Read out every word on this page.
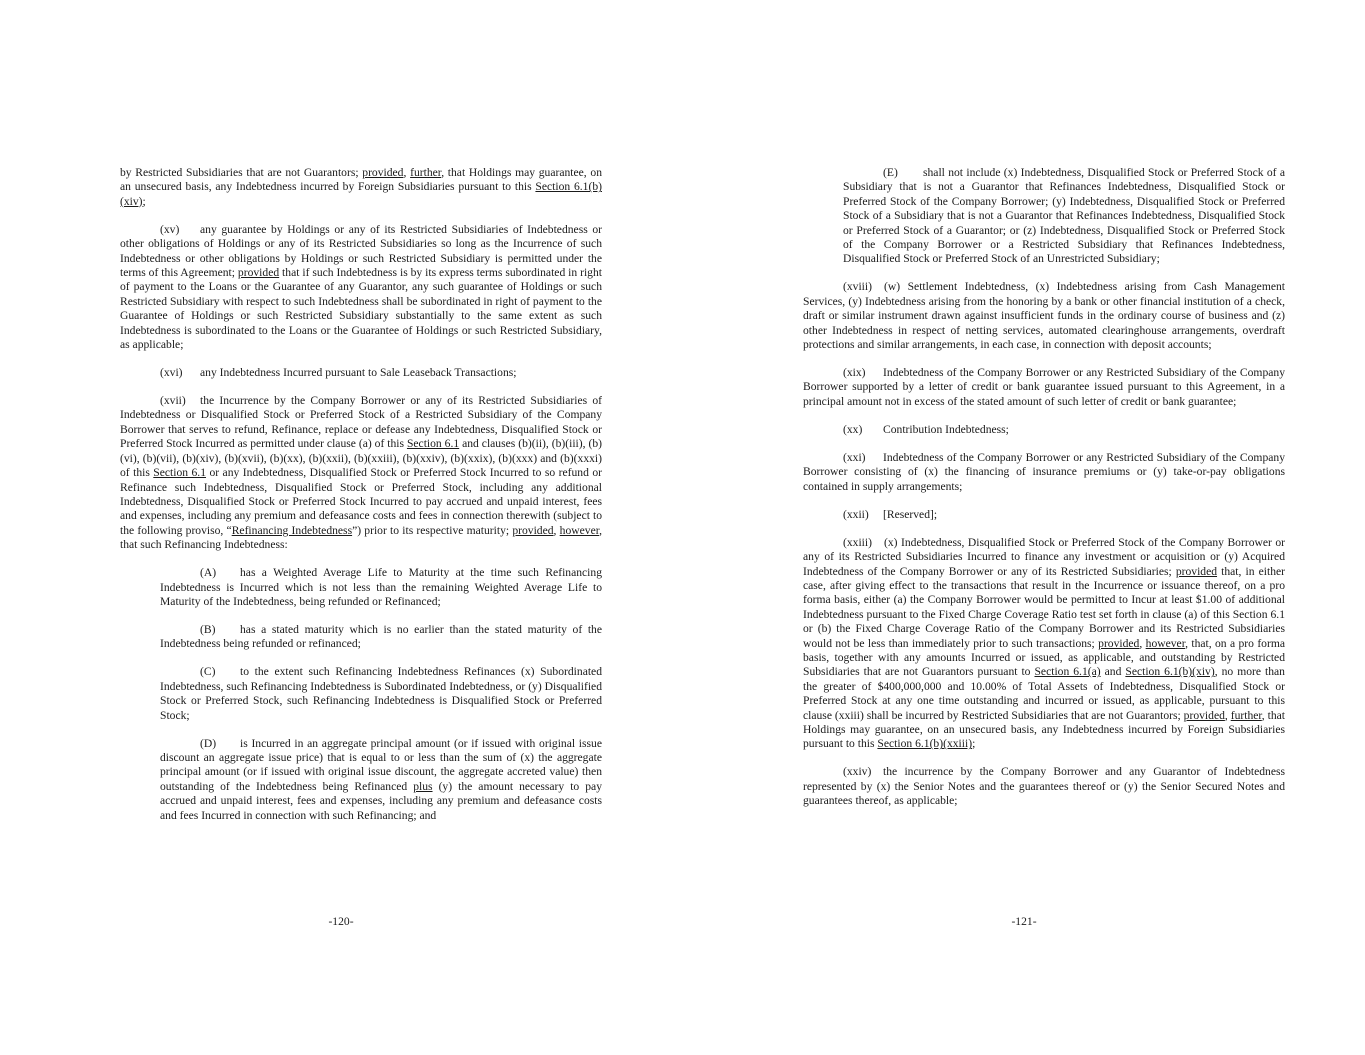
by Restricted Subsidiaries that are not Guarantors; provided, further, that Holdings may guarantee, on an unsecured basis, any Indebtedness incurred by Foreign Subsidiaries pursuant to this Section 6.1(b)(xiv);

(xv) any guarantee by Holdings or any of its Restricted Subsidiaries of Indebtedness or other obligations of Holdings or any of its Restricted Subsidiaries so long as the Incurrence of such Indebtedness or other obligations by Holdings or such Restricted Subsidiary is permitted under the terms of this Agreement; provided that if such Indebtedness is by its express terms subordinated in right of payment to the Loans or the Guarantee of any Guarantor, any such guarantee of Holdings or such Restricted Subsidiary with respect to such Indebtedness shall be subordinated in right of payment to the Guarantee of Holdings or such Restricted Subsidiary substantially to the same extent as such Indebtedness is subordinated to the Loans or the Guarantee of Holdings or such Restricted Subsidiary, as applicable;

(xvi) any Indebtedness Incurred pursuant to Sale Leaseback Transactions;

(xvii) the Incurrence by the Company Borrower or any of its Restricted Subsidiaries of Indebtedness or Disqualified Stock or Preferred Stock of a Restricted Subsidiary of the Company Borrower that serves to refund, Refinance, replace or defease any Indebtedness, Disqualified Stock or Preferred Stock Incurred as permitted under clause (a) of this Section 6.1 and clauses (b)(ii), (b)(iii), (b)(vi), (b)(vii), (b)(xiv), (b)(xvii), (b)(xx), (b)(xxii), (b)(xxiii), (b)(xxiv), (b)(xxix), (b)(xxx) and (b)(xxxi) of this Section 6.1 or any Indebtedness, Disqualified Stock or Preferred Stock Incurred to so refund or Refinance such Indebtedness, Disqualified Stock or Preferred Stock, including any additional Indebtedness, Disqualified Stock or Preferred Stock Incurred to pay accrued and unpaid interest, fees and expenses, including any premium and defeasance costs and fees in connection therewith (subject to the following proviso, “Refinancing Indebtedness”) prior to its respective maturity; provided, however, that such Refinancing Indebtedness:

(A) has a Weighted Average Life to Maturity at the time such Refinancing Indebtedness is Incurred which is not less than the remaining Weighted Average Life to Maturity of the Indebtedness, being refunded or Refinanced;

(B) has a stated maturity which is no earlier than the stated maturity of the Indebtedness being refunded or refinanced;

(C) to the extent such Refinancing Indebtedness Refinances (x) Subordinated Indebtedness, such Refinancing Indebtedness is Subordinated Indebtedness, or (y) Disqualified Stock or Preferred Stock, such Refinancing Indebtedness is Disqualified Stock or Preferred Stock;

(D) is Incurred in an aggregate principal amount (or if issued with original issue discount an aggregate issue price) that is equal to or less than the sum of (x) the aggregate principal amount (or if issued with original issue discount, the aggregate accreted value) then outstanding of the Indebtedness being Refinanced plus (y) the amount necessary to pay accrued and unpaid interest, fees and expenses, including any premium and defeasance costs and fees Incurred in connection with such Refinancing; and

-120-

(E) shall not include (x) Indebtedness, Disqualified Stock or Preferred Stock of a Subsidiary that is not a Guarantor that Refinances Indebtedness, Disqualified Stock or Preferred Stock of the Company Borrower; (y) Indebtedness, Disqualified Stock or Preferred Stock of a Subsidiary that is not a Guarantor that Refinances Indebtedness, Disqualified Stock or Preferred Stock of a Guarantor; or (z) Indebtedness, Disqualified Stock or Preferred Stock of the Company Borrower or a Restricted Subsidiary that Refinances Indebtedness, Disqualified Stock or Preferred Stock of an Unrestricted Subsidiary;

(xviii) (w) Settlement Indebtedness, (x) Indebtedness arising from Cash Management Services, (y) Indebtedness arising from the honoring by a bank or other financial institution of a check, draft or similar instrument drawn against insufficient funds in the ordinary course of business and (z) other Indebtedness in respect of netting services, automated clearinghouse arrangements, overdraft protections and similar arrangements, in each case, in connection with deposit accounts;

(xix) Indebtedness of the Company Borrower or any Restricted Subsidiary of the Company Borrower supported by a letter of credit or bank guarantee issued pursuant to this Agreement, in a principal amount not in excess of the stated amount of such letter of credit or bank guarantee;

(xx) Contribution Indebtedness;

(xxi) Indebtedness of the Company Borrower or any Restricted Subsidiary of the Company Borrower consisting of (x) the financing of insurance premiums or (y) take-or-pay obligations contained in supply arrangements;

(xxii) [Reserved];

(xxiii) (x) Indebtedness, Disqualified Stock or Preferred Stock of the Company Borrower or any of its Restricted Subsidiaries Incurred to finance any investment or acquisition or (y) Acquired Indebtedness of the Company Borrower or any of its Restricted Subsidiaries; provided that, in either case, after giving effect to the transactions that result in the Incurrence or issuance thereof, on a pro forma basis, either (a) the Company Borrower would be permitted to Incur at least $1.00 of additional Indebtedness pursuant to the Fixed Charge Coverage Ratio test set forth in clause (a) of this Section 6.1 or (b) the Fixed Charge Coverage Ratio of the Company Borrower and its Restricted Subsidiaries would not be less than immediately prior to such transactions; provided, however, that, on a pro forma basis, together with any amounts Incurred or issued, as applicable, and outstanding by Restricted Subsidiaries that are not Guarantors pursuant to Section 6.1(a) and Section 6.1(b)(xiv), no more than the greater of $400,000,000 and 10.00% of Total Assets of Indebtedness, Disqualified Stock or Preferred Stock at any one time outstanding and incurred or issued, as applicable, pursuant to this clause (xxiii) shall be incurred by Restricted Subsidiaries that are not Guarantors; provided, further, that Holdings may guarantee, on an unsecured basis, any Indebtedness incurred by Foreign Subsidiaries pursuant to this Section 6.1(b)(xxiii);

(xxiv) the incurrence by the Company Borrower and any Guarantor of Indebtedness represented by (x) the Senior Notes and the guarantees thereof or (y) the Senior Secured Notes and guarantees thereof, as applicable;

-121-
